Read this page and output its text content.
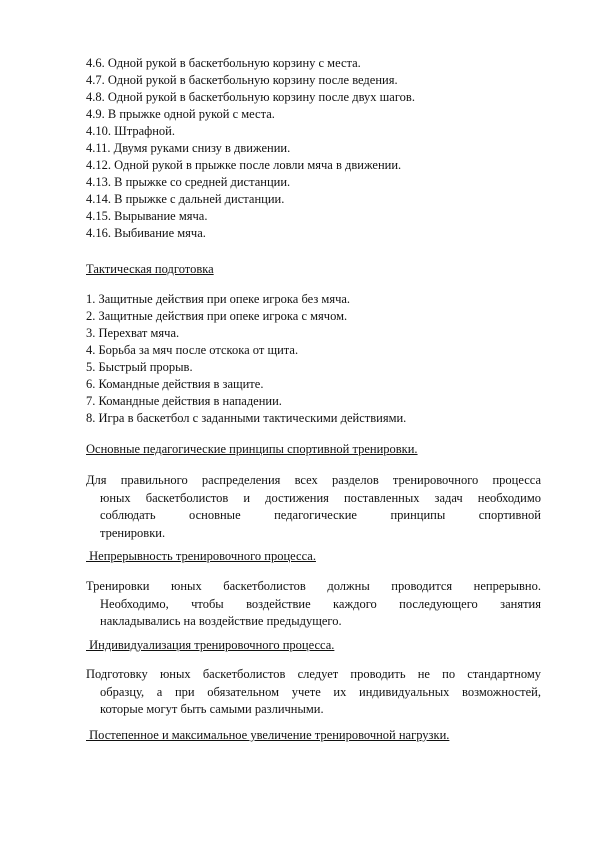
4.6. Одной рукой в баскетбольную корзину с места.
4.7. Одной рукой в баскетбольную корзину после ведения.
4.8. Одной рукой в баскетбольную корзину после двух шагов.
4.9. В прыжке одной рукой с места.
4.10. Штрафной.
4.11. Двумя руками снизу в движении.
4.12. Одной рукой в прыжке после ловли мяча в движении.
4.13. В прыжке со средней дистанции.
4.14. В прыжке с дальней дистанции.
4.15. Вырывание мяча.
4.16. Выбивание мяча.
Тактическая подготовка
1. Защитные действия при опеке игрока без мяча.
2. Защитные действия при опеке игрока с мячом.
3. Перехват мяча.
4. Борьба за мяч после отскока от щита.
5. Быстрый прорыв.
6. Командные действия в защите.
7. Командные действия в нападении.
8. Игра в баскетбол с заданными тактическими действиями.
Основные педагогические принципы спортивной тренировки.
Для правильного распределения всех разделов тренировочного процесса
юных баскетболистов и достижения поставленных задач необходимо
соблюдать основные педагогические принципы спортивной
тренировки.
Непрерывность тренировочного процесса.
Тренировки юных баскетболистов должны проводится непрерывно.
Необходимо, чтобы воздействие каждого последующего занятия
накладывались на воздействие предыдущего.
Индивидуализация тренировочного процесса.
Подготовку юных баскетболистов следует проводить не по стандартному
образцу, а при обязательном учете их индивидуальных возможностей,
которые могут быть самыми различными.
Постепенное и максимальное увеличение тренировочной нагрузки.
